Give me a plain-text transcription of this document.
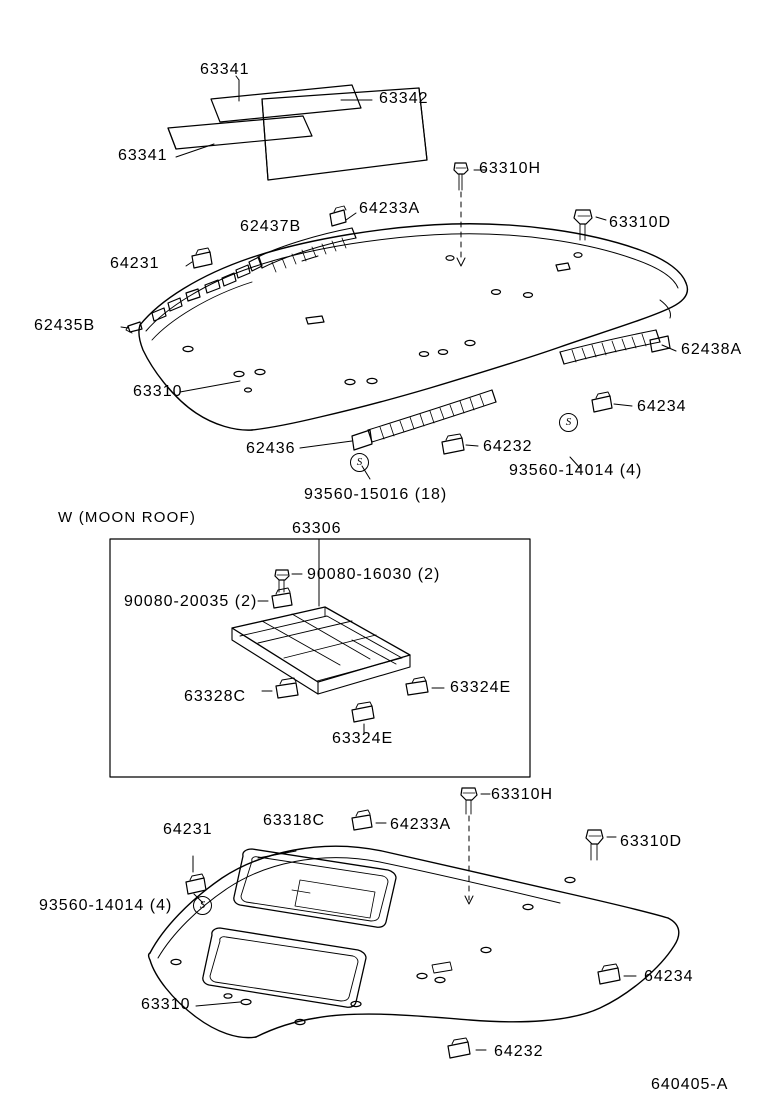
63341
63342
63341
63310H
64233A
62437B	63310D
64231
62435B
62438A
63310
64234
62436	64232
93560-14014 (4)
93560-15016 (18)
S
S
W (MOON ROOF)
63306
90080-16030 (2)
90080-20035 (2)
63328C
63324E
63324E
63310H
64231
63318C	64233A
63310D
93560-14014 (4)	S
64234
63310
64232
640405-A
